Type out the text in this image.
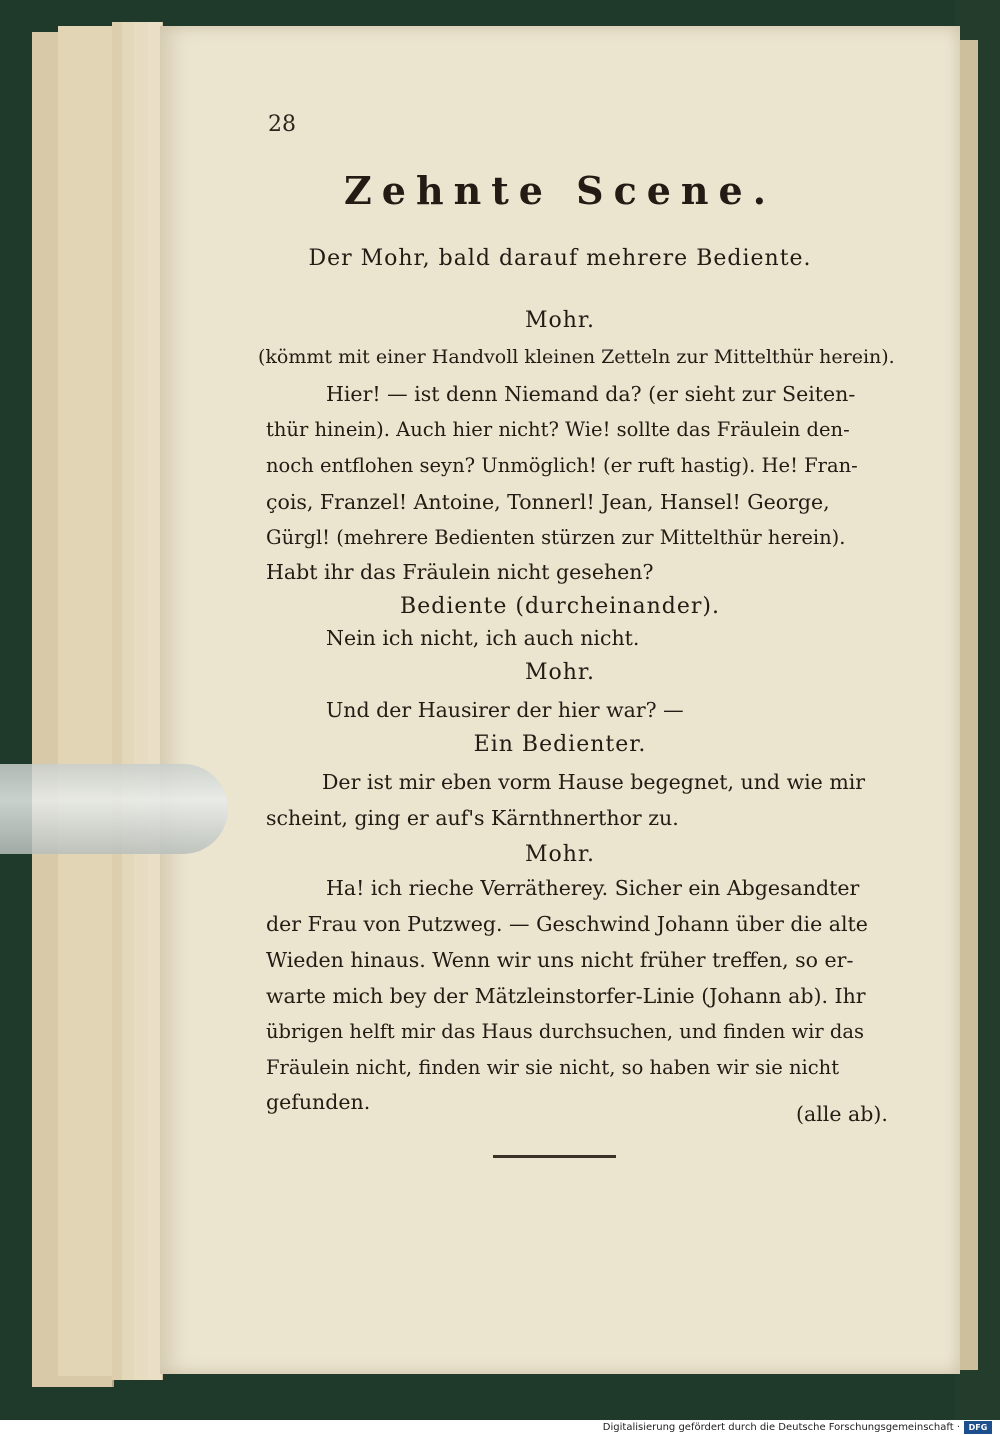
28
Zehnte Scene.
Der Mohr, bald darauf mehrere Bediente.
Mohr.
Bediente (durcheinander).
Mohr.
Ein Bedienter.
Mohr.
(kömmt mit einer Handvoll kleinen Zetteln zur Mittelthür herein).
Hier! — ist denn Niemand da? (er sieht zur Seiten-
thür hinein). Auch hier nicht? Wie! sollte das Fräulein den-
noch entflohen seyn? Unmöglich! (er ruft hastig). He! Fran-
çois, Franzel! Antoine, Tonnerl! Jean, Hansel! George,
Gürgl! (mehrere Bedienten stürzen zur Mittelthür herein).
Habt ihr das Fräulein nicht gesehen?
Nein ich nicht, ich auch nicht.
Und der Hausirer der hier war? —
Der ist mir eben vorm Hause begegnet, und wie mir
scheint, ging er auf's Kärnthnerthor zu.
Ha! ich rieche Verrätherey. Sicher ein Abgesandter
der Frau von Putzweg. — Geschwind Johann über die alte
Wieden hinaus. Wenn wir uns nicht früher treffen, so er-
warte mich bey der Mätzleinstorfer-Linie (Johann ab). Ihr
übrigen helft mir das Haus durchsuchen, und finden wir das
Fräulein nicht, finden wir sie nicht, so haben wir sie nicht
gefunden.	(alle ab).
Digitalisierung gefördert durch die Deutsche Forschungsgemeinschaft ·	DFG
